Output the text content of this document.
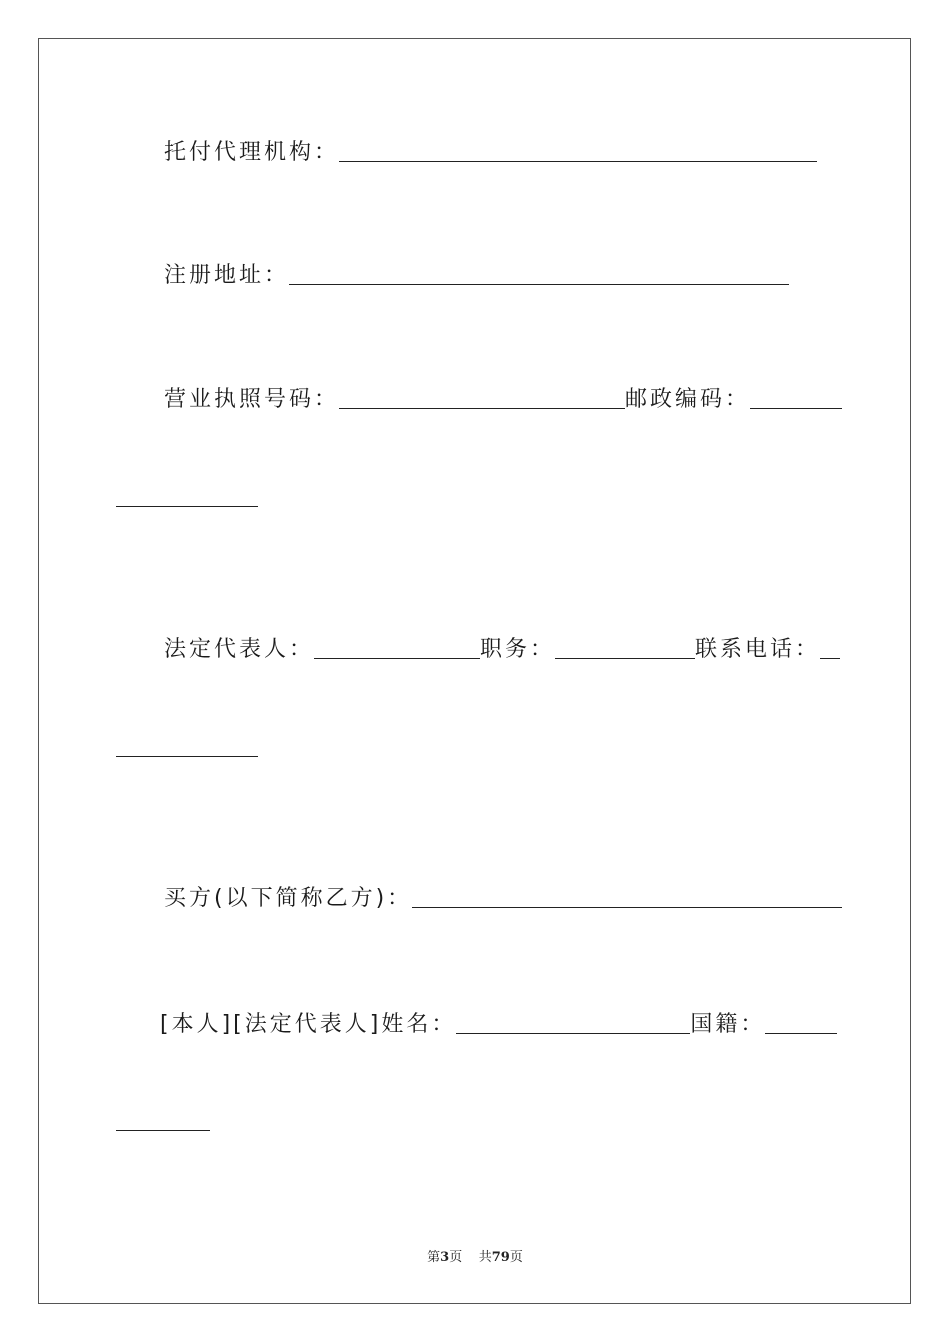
托付代理机构：
注册地址：
营业执照号码：	邮政编码：
法定代表人：	职务：	联系电话：
买方(以下简称乙方)：
[本人][法定代表人]姓名：	国籍：
第3页 共79页
